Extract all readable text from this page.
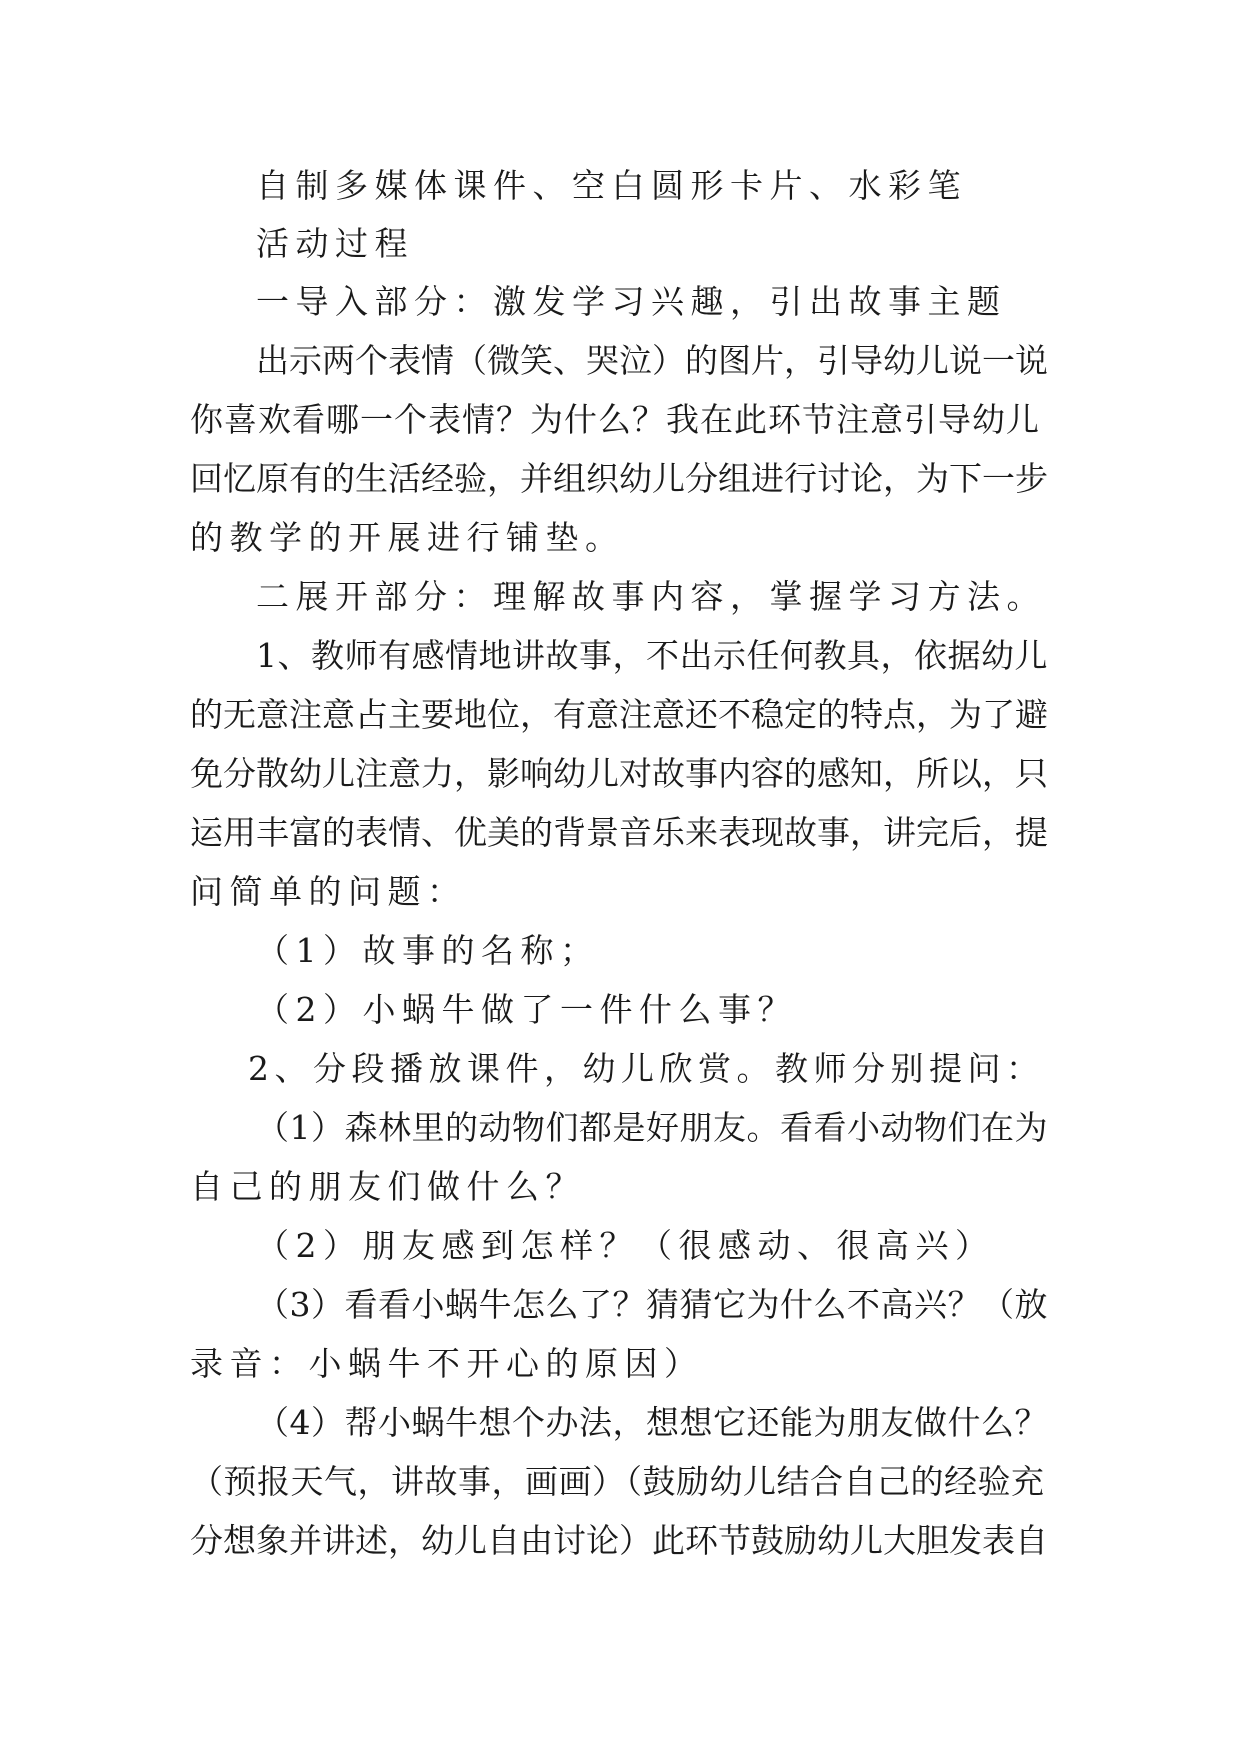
自制多媒体课件、空白圆形卡片、水彩笔
活动过程
一导入部分：激发学习兴趣，引出故事主题
出示两个表情（微笑、哭泣）的图片，引导幼儿说一说
你喜欢看哪一个表情？为什么？我在此环节注意引导幼儿
回忆原有的生活经验，并组织幼儿分组进行讨论，为下一步
的教学的开展进行铺垫。
二展开部分：理解故事内容，掌握学习方法。
1、教师有感情地讲故事，不出示任何教具，依据幼儿
的无意注意占主要地位，有意注意还不稳定的特点，为了避
免分散幼儿注意力，影响幼儿对故事内容的感知，所以，只
运用丰富的表情、优美的背景音乐来表现故事，讲完后，提
问简单的问题：
（1）故事的名称；
（2）小蜗牛做了一件什么事？
2、分段播放课件，幼儿欣赏。教师分别提问：
（1）森林里的动物们都是好朋友。看看小动物们在为
自己的朋友们做什么？
（2）朋友感到怎样？（很感动、很高兴）
（3）看看小蜗牛怎么了？猜猜它为什么不高兴？（放
录音：小蜗牛不开心的原因）
（4）帮小蜗牛想个办法，想想它还能为朋友做什么？
（预报天气，讲故事，画画）（鼓励幼儿结合自己的经验充
分想象并讲述，幼儿自由讨论）此环节鼓励幼儿大胆发表自
